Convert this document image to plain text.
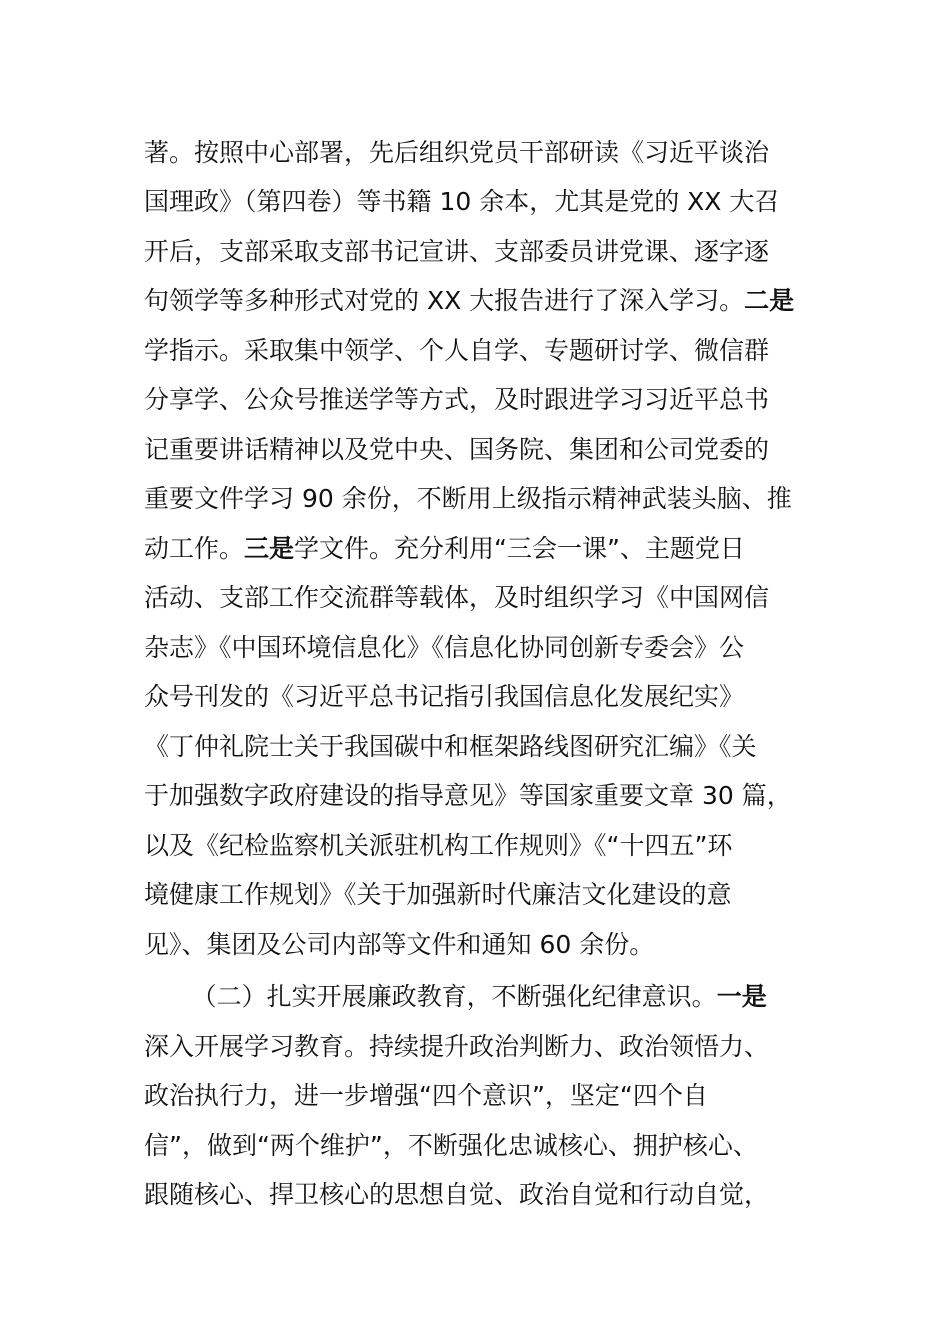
著。按照中心部署，先后组织党员干部研读《习近平谈治
国理政》（第四卷）等书籍 10 余本，尤其是党的 XX 大召
开后，支部采取支部书记宣讲、支部委员讲党课、逐字逐
句领学等多种形式对党的 XX 大报告进行了深入学习。二是
学指示。采取集中领学、个人自学、专题研讨学、微信群
分享学、公众号推送学等方式，及时跟进学习习近平总书
记重要讲话精神以及党中央、国务院、集团和公司党委的
重要文件学习 90 余份，不断用上级指示精神武装头脑、推
动工作。三是学文件。充分利用“三会一课”、主题党日
活动、支部工作交流群等载体，及时组织学习《中国网信
杂志》《中国环境信息化》《信息化协同创新专委会》公
众号刊发的《习近平总书记指引我国信息化发展纪实》
《丁仲礼院士关于我国碳中和框架路线图研究汇编》《关
于加强数字政府建设的指导意见》等国家重要文章 30 篇，
以及《纪检监察机关派驻机构工作规则》《“十四五”环
境健康工作规划》《关于加强新时代廉洁文化建设的意
见》、集团及公司内部等文件和通知 60 余份。
（二）扎实开展廉政教育，不断强化纪律意识。一是
深入开展学习教育。持续提升政治判断力、政治领悟力、
政治执行力，进一步增强“四个意识”，坚定“四个自
信”，做到“两个维护”，不断强化忠诚核心、拥护核心、
跟随核心、捍卫核心的思想自觉、政治自觉和行动自觉，
